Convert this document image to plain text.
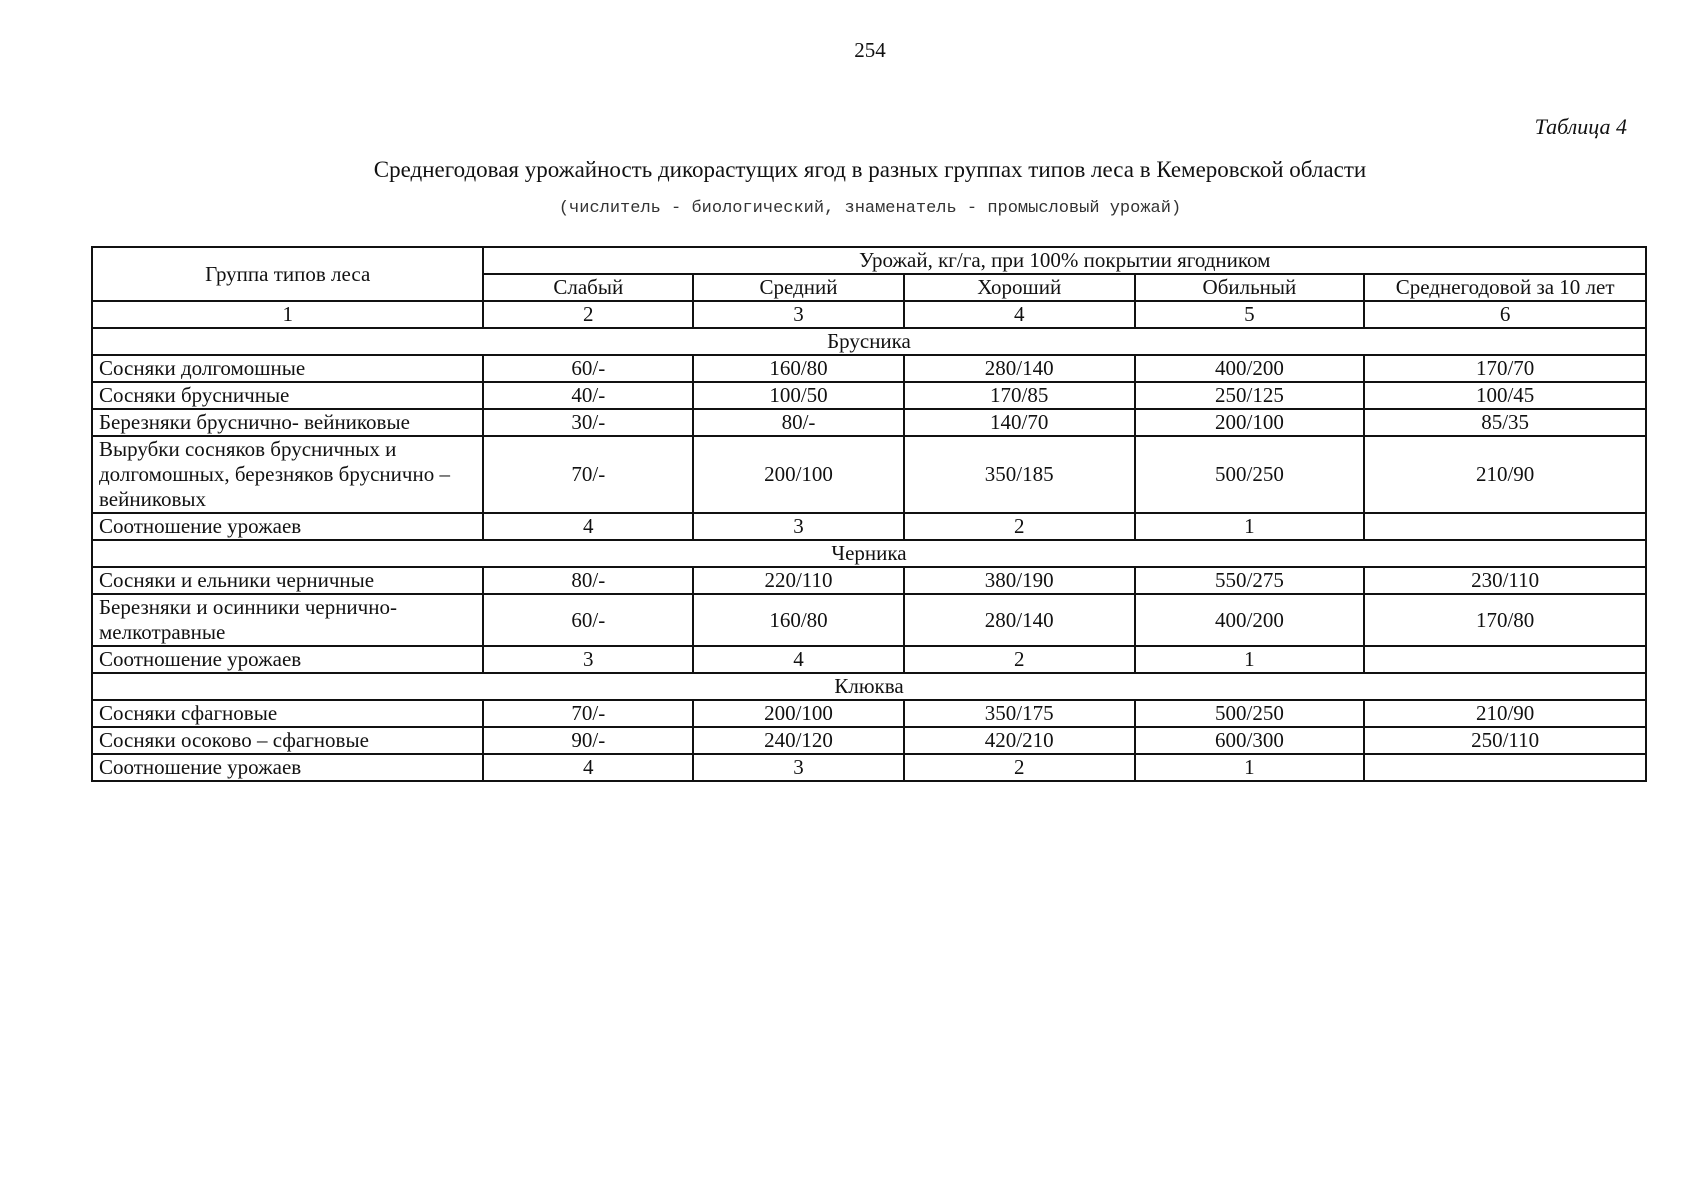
254
Таблица 4
Среднегодовая урожайность дикорастущих ягод в разных группах типов леса в Кемеровской области
(числитель - биологический, знаменатель - промысловый урожай)
Группа типов леса	Урожай, кг/га, при 100% покрытии ягодником				
	Слабый	Средний	Хороший	Обильный	Среднегодовой за 10 лет
1	2	3	4	5	6
Брусника					
Сосняки долгомошные	60/-	160/80	280/140	400/200	170/70
Сосняки брусничные	40/-	100/50	170/85	250/125	100/45
Березняки бруснично- вейниковые	30/-	80/-	140/70	200/100	85/35
Вырубки сосняков брусничных и долгомошных, березняков бруснично – вейниковых	70/-	200/100	350/185	500/250	210/90
Соотношение урожаев	4	3	2	1	
Черника					
Сосняки и ельники черничные	80/-	220/110	380/190	550/275	230/110
Березняки и осинники чернично-мелкотравные	60/-	160/80	280/140	400/200	170/80
Соотношение урожаев	3	4	2	1	
Клюква					
Сосняки сфагновые	70/-	200/100	350/175	500/250	210/90
Сосняки осоково – сфагновые	90/-	240/120	420/210	600/300	250/110
Соотношение урожаев	4	3	2	1	
